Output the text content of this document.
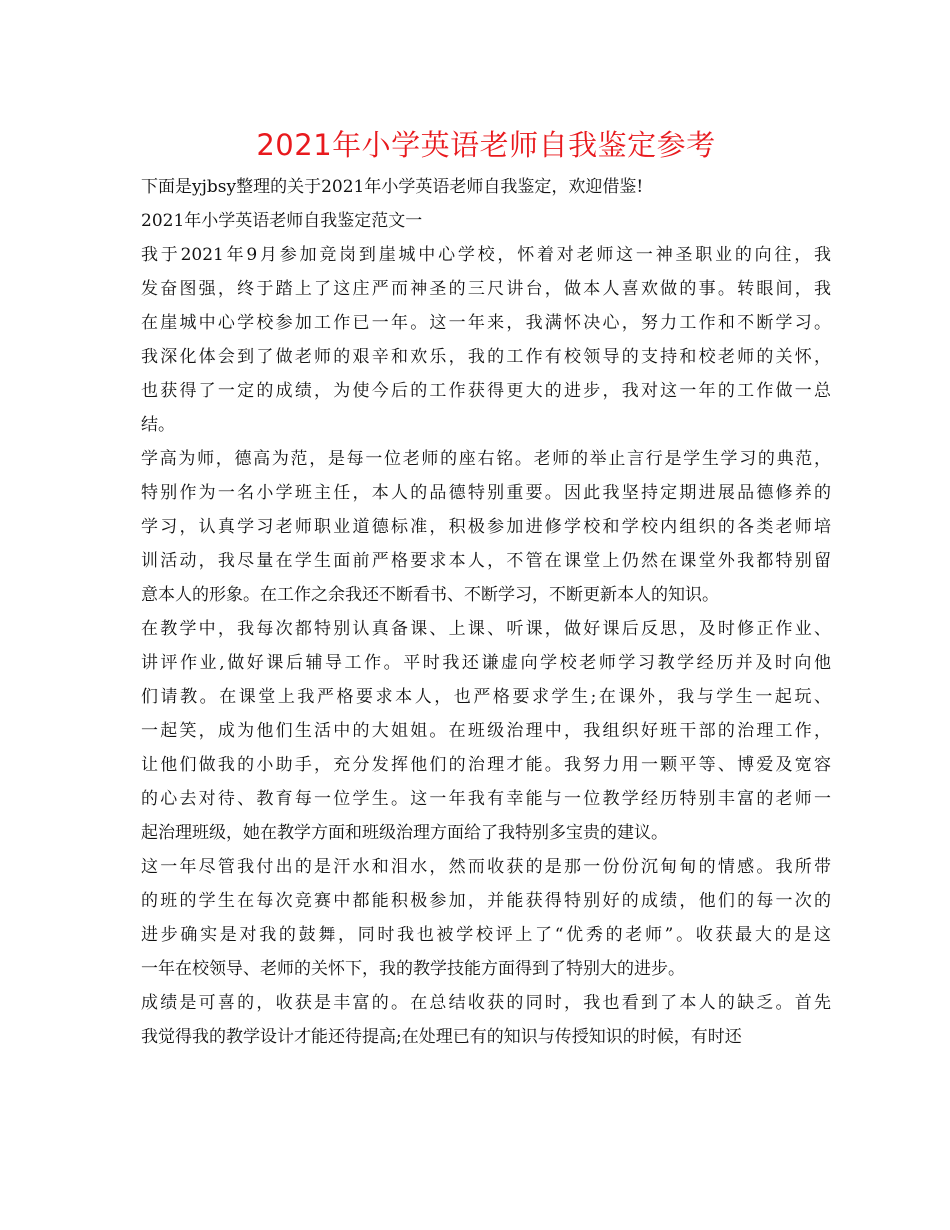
2021年小学英语老师自我鉴定参考
下面是yjbsy整理的关于2021年小学英语老师自我鉴定，欢迎借鉴!
2021年小学英语老师自我鉴定范文一
我于2021年9月参加竞岗到崖城中心学校，怀着对老师这一神圣职业的向往，我
发奋图强，终于踏上了这庄严而神圣的三尺讲台，做本人喜欢做的事。转眼间，我
在崖城中心学校参加工作已一年。这一年来，我满怀决心，努力工作和不断学习。
我深化体会到了做老师的艰辛和欢乐，我的工作有校领导的支持和校老师的关怀，
也获得了一定的成绩，为使今后的工作获得更大的进步，我对这一年的工作做一总
结。
学高为师，德高为范，是每一位老师的座右铭。老师的举止言行是学生学习的典范，
特别作为一名小学班主任，本人的品德特别重要。因此我坚持定期进展品德修养的
学习，认真学习老师职业道德标准，积极参加进修学校和学校内组织的各类老师培
训活动，我尽量在学生面前严格要求本人，不管在课堂上仍然在课堂外我都特别留
意本人的形象。在工作之余我还不断看书、不断学习，不断更新本人的知识。
在教学中，我每次都特别认真备课、上课、听课，做好课后反思，及时修正作业、
讲评作业,做好课后辅导工作。平时我还谦虚向学校老师学习教学经历并及时向他
们请教。在课堂上我严格要求本人，也严格要求学生;在课外，我与学生一起玩、
一起笑，成为他们生活中的大姐姐。在班级治理中，我组织好班干部的治理工作，
让他们做我的小助手，充分发挥他们的治理才能。我努力用一颗平等、博爱及宽容
的心去对待、教育每一位学生。这一年我有幸能与一位教学经历特别丰富的老师一
起治理班级，她在教学方面和班级治理方面给了我特别多宝贵的建议。
这一年尽管我付出的是汗水和泪水，然而收获的是那一份份沉甸甸的情感。我所带
的班的学生在每次竞赛中都能积极参加，并能获得特别好的成绩，他们的每一次的
进步确实是对我的鼓舞，同时我也被学校评上了“优秀的老师”。收获最大的是这
一年在校领导、老师的关怀下，我的教学技能方面得到了特别大的进步。
成绩是可喜的，收获是丰富的。在总结收获的同时，我也看到了本人的缺乏。首先
我觉得我的教学设计才能还待提高;在处理已有的知识与传授知识的时候，有时还
